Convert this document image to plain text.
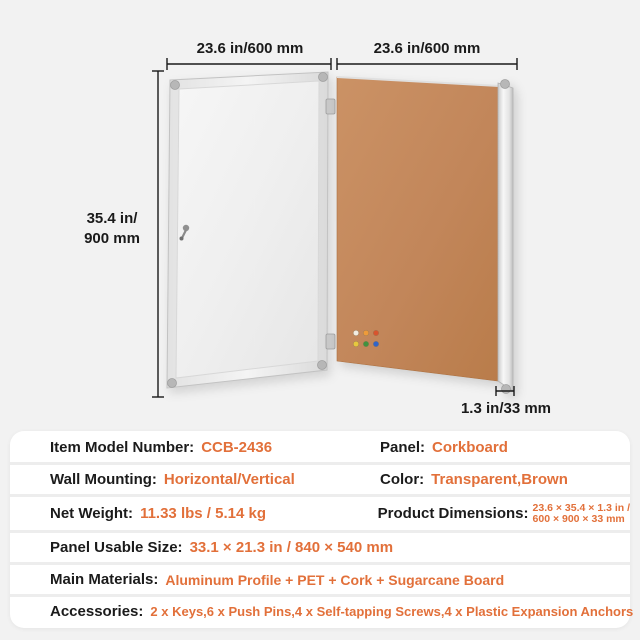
23.6 in/600 mm	23.6 in/600 mm
35.4 in/
900 mm
1.3 in/33 mm
Item Model Number: CCB-2436	Panel: Corkboard
Wall Mounting: Horizontal/Vertical	Color: Transparent,Brown
Net Weight: 11.33 lbs / 5.14 kg	Product Dimensions: 23.6 × 35.4 × 1.3 in /
600 × 900 × 33 mm
Panel Usable Size: 33.1 × 21.3 in / 840 × 540 mm
Main Materials: Aluminum Profile + PET + Cork + Sugarcane Board
Accessories: 2 x Keys,6 x Push Pins,4 x Self-tapping Screws,4 x Plastic Expansion Anchors
